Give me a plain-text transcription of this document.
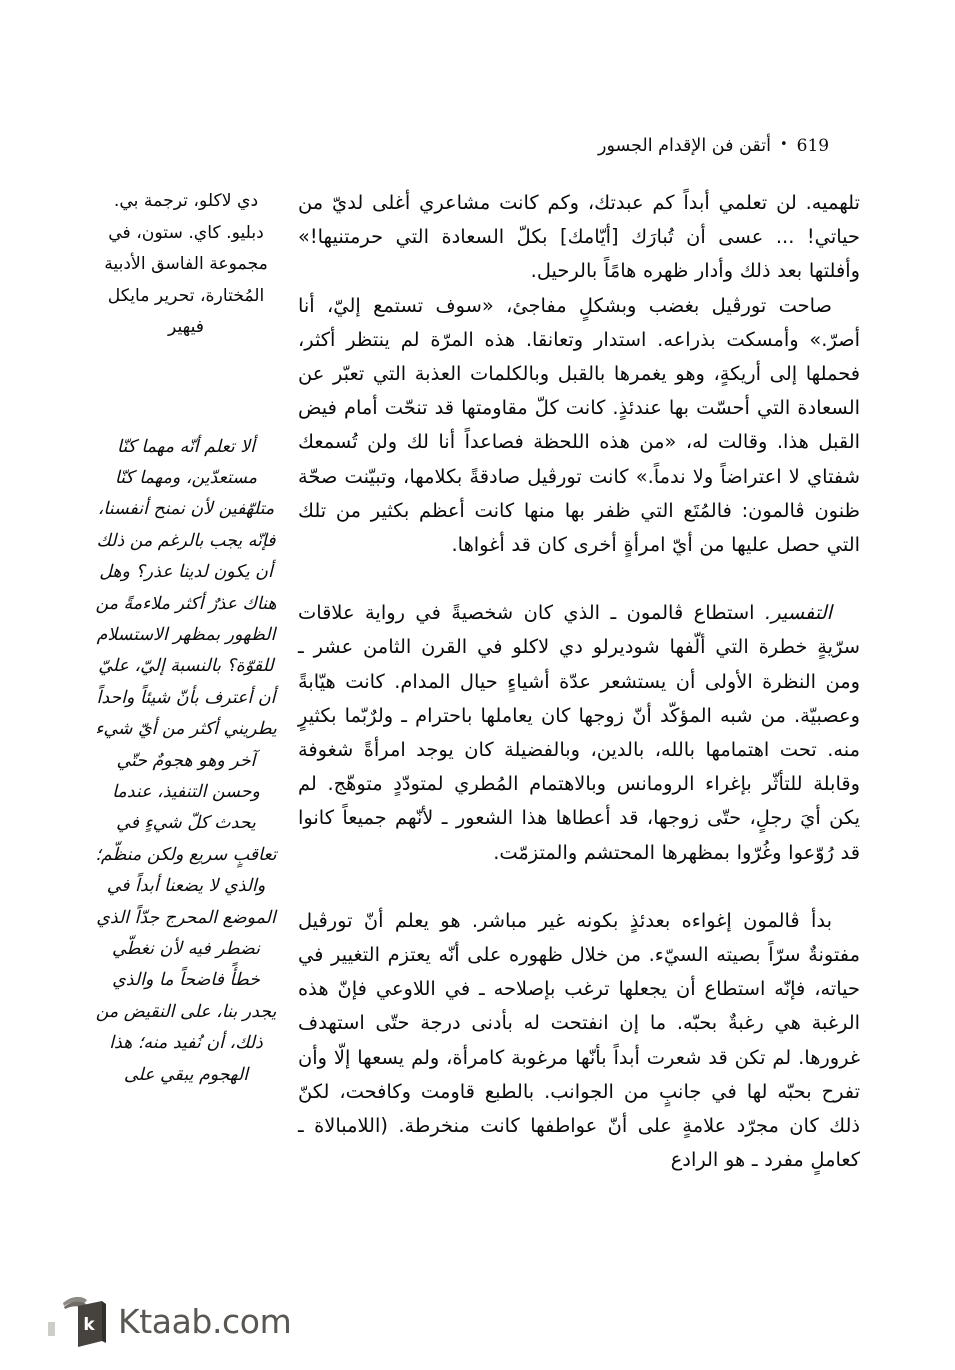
619•أتقن فن الإقدام الجسور

تلهميه. لن تعلمي أبداً كم عبدتك، وكم كانت مشاعري أغلى لديّ من حياتي! ... عسى أن تُبارَك [أيّامك] بكلّ السعادة التي حرمتنيها!» وأفلتها بعد ذلك وأدار ظهره هامًاً بالرحيل.

صاحت تورڤيل بغضب وبشكلٍ مفاجئ، «سوف تستمع إليّ، أنا أصرّ.» وأمسكت بذراعه. استدار وتعانقا. هذه المرّة لم ينتظر أكثر، فحملها إلى أريكةٍ، وهو يغمرها بالقبل وبالكلمات العذبة التي تعبّر عن السعادة التي أحسّت بها عندئذٍ. كانت كلّ مقاومتها قد تنحّت أمام فيض القبل هذا. وقالت له، «من هذه اللحظة فصاعداً أنا لك ولن تُسمعك شفتاي لا اعتراضاً ولا ندماً.» كانت تورڤيل صادقةً بكلامها، وتبيّنت صحّة ظنون ڤالمون: فالمُتَع التي ظفر بها منها كانت أعظم بكثير من تلك التي حصل عليها من أيّ امرأةٍ أخرى كان قد أغواها.

التفسير. استطاع ڤالمون ـ الذي كان شخصيةً في رواية علاقات سرّيةٍ خطرة التي ألّفها شوديرلو دي لاكلو في القرن الثامن عشر ـ ومن النظرة الأولى أن يستشعر عدّة أشياءٍ حيال المدام. كانت هيّابةً وعصبيّة. من شبه المؤكّد أنّ زوجها كان يعاملها باحترام ـ ولرٌبّما بكثيرٍ منه. تحت اهتمامها بالله، بالدين، وبالفضيلة كان يوجد امرأةً شغوفة وقابلة للتأثّر بإغراء الرومانس وبالاهتمام المُطري لمتودّدٍ متوهّج. لم يكن أيَ رجلٍ، حتّى زوجها، قد أعطاها هذا الشعور ـ لأنّهم جميعاً كانوا قد رُوّعوا وغُرّوا بمظهرها المحتشم والمتزمّت.

بدأ ڤالمون إغواءه بعدئذٍ بكونه غير مباشر. هو يعلم أنّ تورڤيل مفتونةٌ سرّاً بصيته السيّء. من خلال ظهوره على أنّه يعتزم التغيير في حياته، فإنّه استطاع أن يجعلها ترغب بإصلاحه ـ في اللاوعي فإنّ هذه الرغبة هي رغبةٌ بحبّه. ما إن انفتحت له بأدنى درجة حتّى استهدف غرورها. لم تكن قد شعرت أبداً بأنّها مرغوبة كامرأة، ولم يسعها إلّا وأن تفرح بحبّه لها في جانبٍ من الجوانب. بالطبع قاومت وكافحت، لكنّ ذلك كان مجرّد علامةٍ على أنّ عواطفها كانت منخرطة. (اللامبالاة ـ كعاملٍ مفرد ـ هو الرادع

دي لاكلو، ترجمة بي. دبليو. كاي. ستون، في مجموعة الفاسق الأدبية المُختارة، تحرير مايكل فيهير
ألا تعلم أنّه مهما كنّا مستعدّين، ومهما كنّا متلهّفين لأن نمنح أنفسنا، فإنّه يجب بالرغم من ذلك أن يكون لدينا عذر؟ وهل هناك عذرٌ أكثر ملاءمةً من الظهور بمظهر الاستسلام للقوّة؟ بالنسبة إليّ، عليّ أن أعترف بأنّ شيئاً واحداً يطريني أكثر من أيّ شيء آخر وهو هجومٌ حتّي وحسن التنفيذ، عندما يحدث كلّ شيءٍ في تعاقبٍ سريع ولكن منظّم؛ والذي لا يضعنا أبداً في الموضع المحرج جدّاً الذي نضطر فيه لأن نغطّي خطأً فاضحاً ما والذي يجدر بنا، على النقيض من ذلك، أن نُفيد منه؛ هذا الهجوم يبقي على
k Ktaab.com
